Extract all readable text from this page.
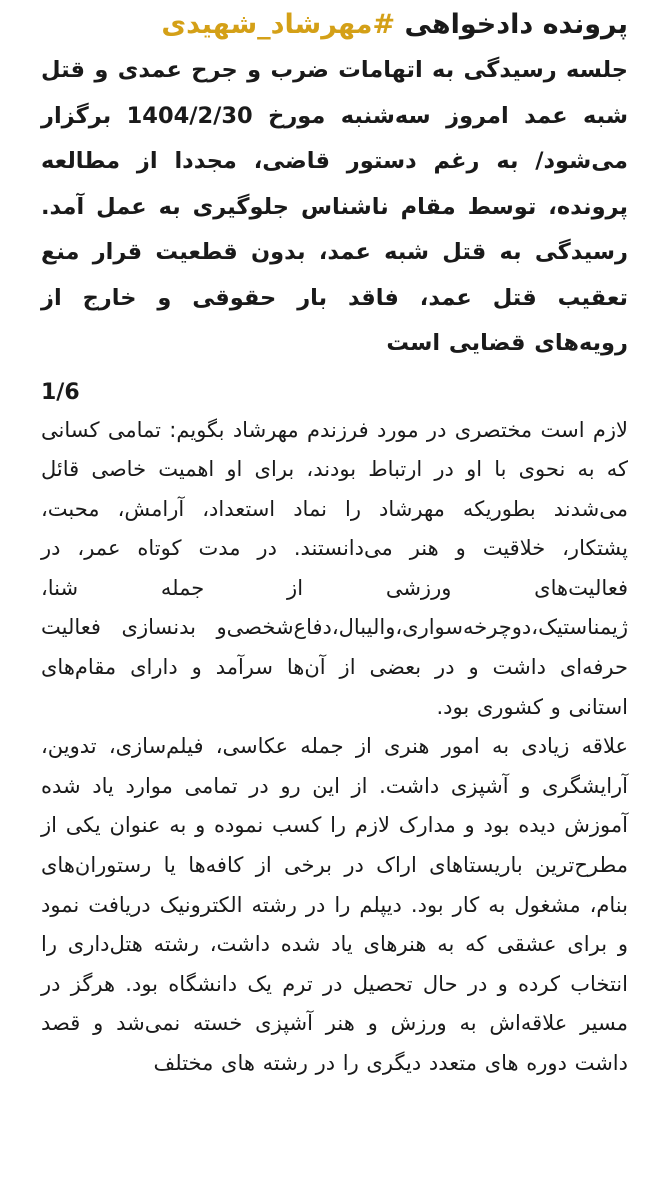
پرونده دادخواهی #مهرشاد_شهیدی

جلسه رسیدگی به اتهامات ضرب و جرح عمدی و قتل شبه عمد امروز سه‌شنبه مورخ 1404/2/30 برگزار می‌شود/ به رغم دستور قاضی، مجددا از مطالعه پرونده، توسط مقام ناشناس جلوگیری به عمل آمد. رسیدگی به قتل شبه عمد، بدون قطعیت قرار منع تعقیب قتل عمد، فاقد بار حقوقی و خارج از رویه‌های قضایی است

1/6

لازم است مختصری در مورد فرزندم مهرشاد بگویم: تمامی کسانی که به نحوی با او در ارتباط بودند، برای او اهمیت خاصی قائل می‌شدند بطوریکه مهرشاد را نماد استعداد، آرامش، محبت، پشتکار، خلاقیت و هنر می‌دانستند. در مدت کوتاه عمر، در فعالیت‌های ورزشی از جمله شنا، ژیمناستیک،دوچرخه‌سواری،والیبال،دفاع‌شخصی‌و بدنسازی فعالیت حرفه‌ای داشت و در بعضی از آن‌ها سرآمد و دارای مقام‌های استانی و کشوری بود.

علاقه زیادی به امور هنری از جمله عکاسی، فیلم‌سازی، تدوین، آرایشگری و آشپزی داشت. از این رو در تمامی موارد یاد شده آموزش دیده بود و مدارک لازم را کسب نموده و به عنوان یکی از مطرح‌ترین باریستاهای اراک در برخی از کافه‌ها یا رستوران‌های بنام، مشغول به کار بود. دیپلم را در رشته الکترونیک دریافت نمود و برای عشقی که به هنرهای یاد شده داشت، رشته هتل‌داری را انتخاب کرده و در حال تحصیل در ترم یک دانشگاه بود. هرگز در مسیر علاقه‌اش به ورزش و هنر آشپزی خسته نمی‌شد و قصد داشت دوره های متعدد دیگری را در رشته های مختلف
